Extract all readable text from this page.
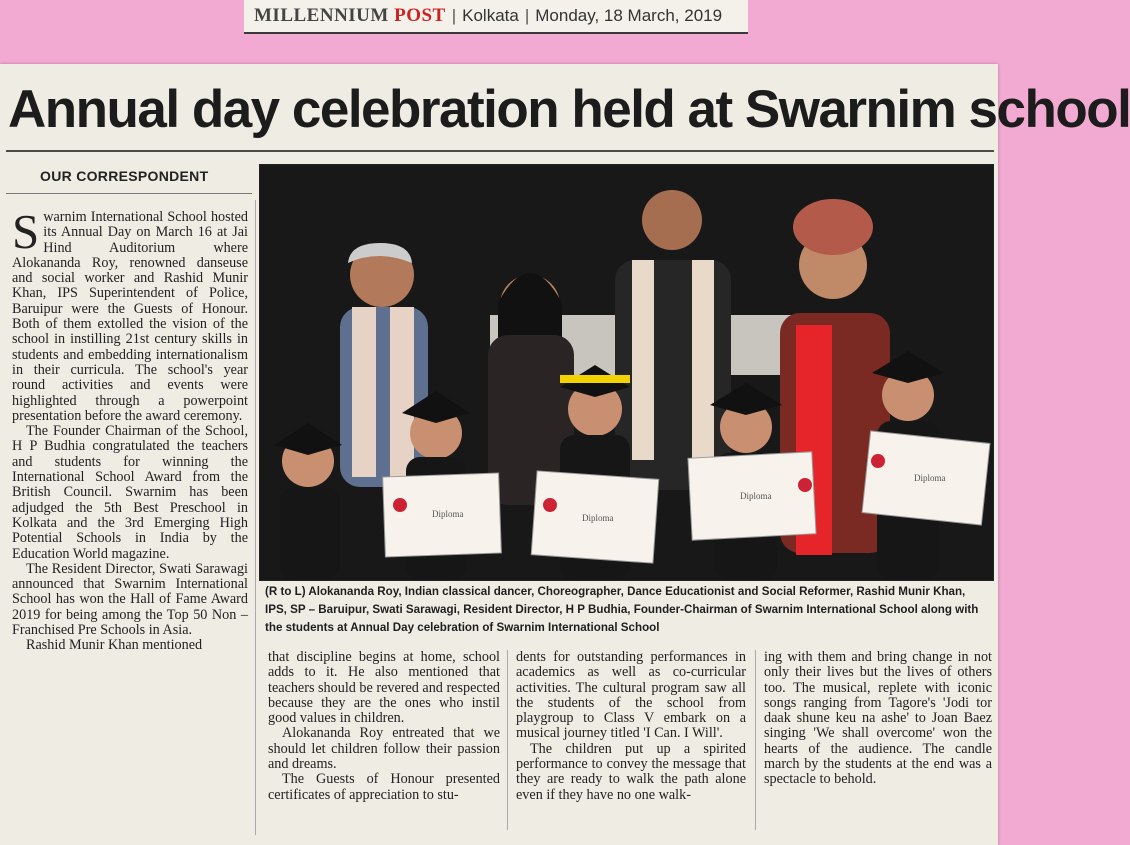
MILLENNIUM POST | Kolkata | Monday, 18 March, 2019
Annual day celebration held at Swarnim school
OUR CORRESPONDENT

Swarnim International School hosted its Annual Day on March 16 at Jai Hind Auditorium where Alokananda Roy, renowned danseuse and social worker and Rashid Munir Khan, IPS Superintendent of Police, Baruipur were the Guests of Honour. Both of them extolled the vision of the school in instilling 21st century skills in students and embedding internationalism in their curricula. The school's year round activities and events were highlighted through a powerpoint presentation before the award ceremony.

The Founder Chairman of the School, H P Budhia congratulated the teachers and students for winning the International School Award from the British Council. Swarnim has been adjudged the 5th Best Preschool in Kolkata and the 3rd Emerging High Potential Schools in India by the Education World magazine.

The Resident Director, Swati Sarawagi announced that Swarnim International School has won the Hall of Fame Award 2019 for being among the Top 50 Non – Franchised Pre Schools in Asia.

Rashid Munir Khan mentioned

Diploma	Diploma
Diploma
Diploma
(R to L) Alokananda Roy, Indian classical dancer, Choreographer, Dance Educationist and Social Reformer, Rashid Munir Khan, IPS, SP – Baruipur, Swati Sarawagi, Resident Director, H P Budhia, Founder-Chairman of Swarnim International School along with the students at Annual Day celebration of Swarnim International School

that discipline begins at home, school adds to it. He also mentioned that teachers should be revered and respected because they are the ones who instil good values in children.

Alokananda Roy entreated that we should let children follow their passion and dreams.

The Guests of Honour presented certificates of appreciation to stu-

dents for outstanding performances in academics as well as co-curricular activities. The cultural program saw all the students of the school from playgroup to Class V embark on a musical journey titled 'I Can. I Will'.

The children put up a spirited performance to convey the message that they are ready to walk the path alone even if they have no one walk-

ing with them and bring change in not only their lives but the lives of others too. The musical, replete with iconic songs ranging from Tagore's 'Jodi tor daak shune keu na ashe' to Joan Baez singing 'We shall overcome' won the hearts of the audience. The candle march by the students at the end was a spectacle to behold.
